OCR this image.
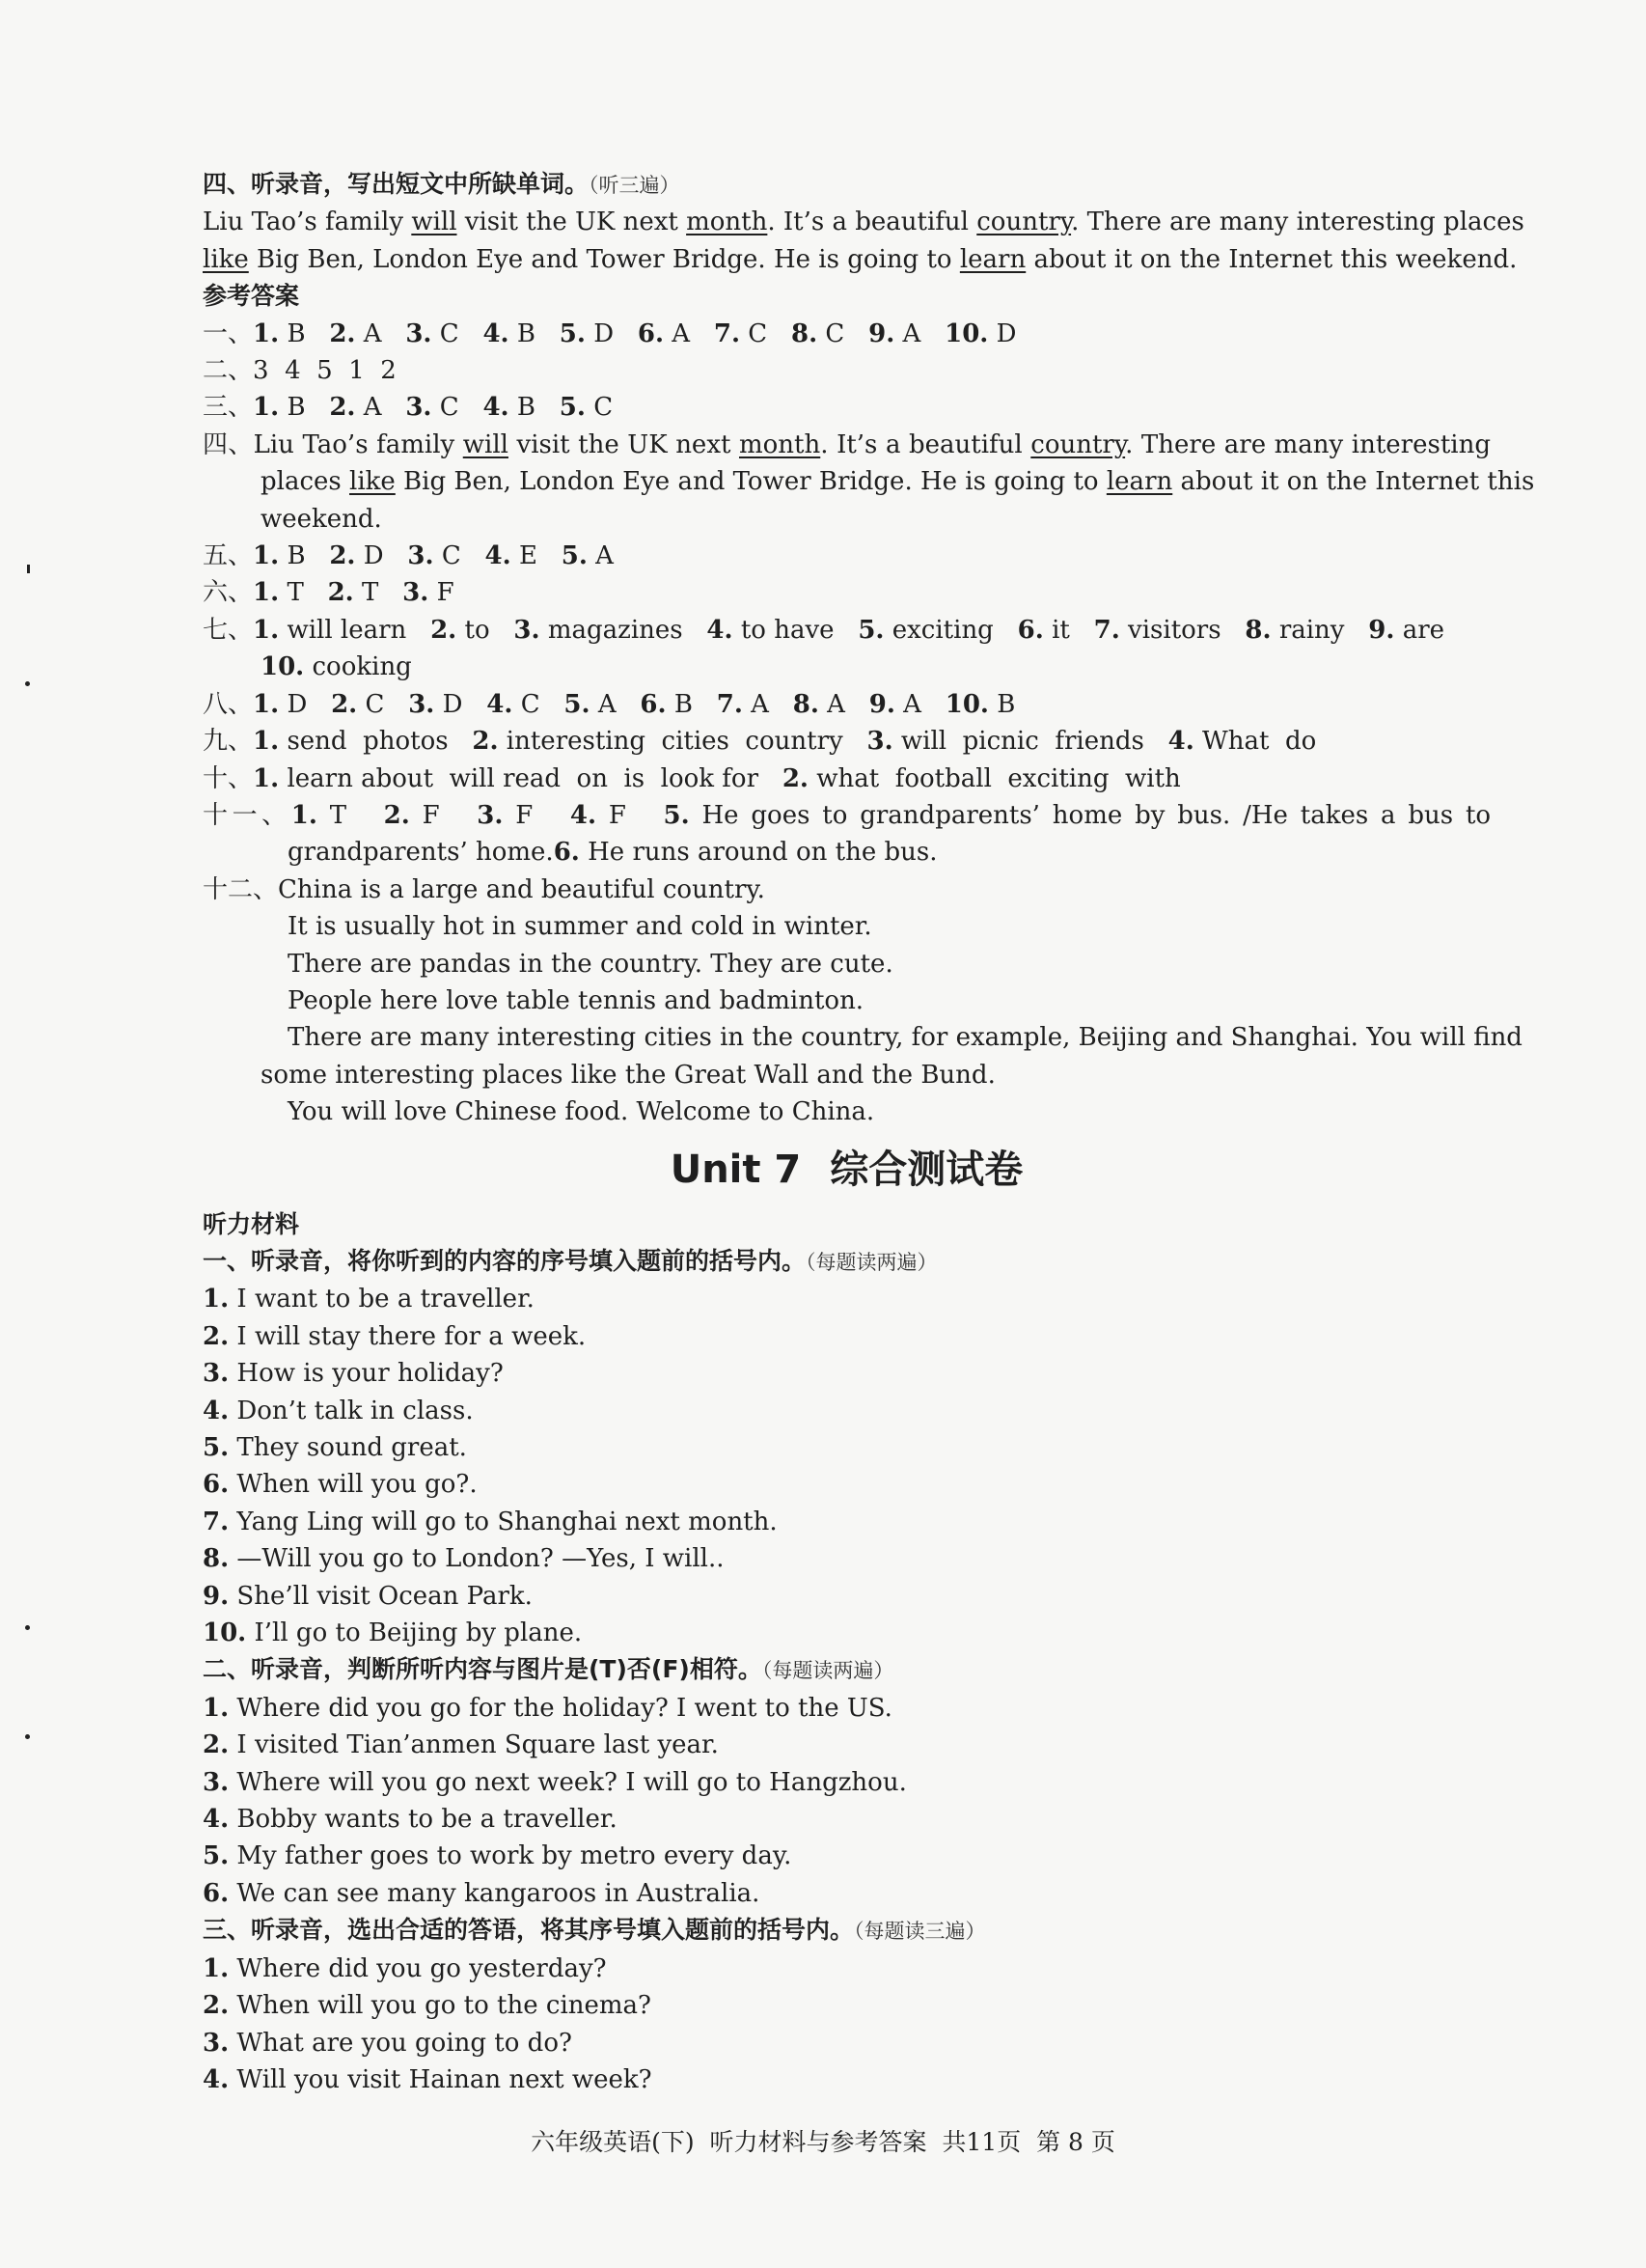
四、听录音，写出短文中所缺单词。（听三遍）
Liu Tao’s family will visit the UK next month. It’s a beautiful country. There are many interesting places
like Big Ben, London Eye and Tower Bridge. He is going to learn about it on the Internet this weekend.
参考答案
一、1. B 2. A 3. C 4. B 5. D 6. A 7. C 8. C 9. A 10. D
二、3  4  5  1  2
三、1. B 2. A 3. C 4. B 5. C
四、Liu Tao’s family will visit the UK next month. It’s a beautiful country. There are many interesting
places like Big Ben, London Eye and Tower Bridge. He is going to learn about it on the Internet this
weekend.
五、1. B 2. D 3. C 4. E 5. A
六、1. T 2. T 3. F
七、1. will learn 2. to 3. magazines 4. to have 5. exciting 6. it 7. visitors 8. rainy 9. are
10. cooking
八、1. D 2. C 3. D 4. C 5. A 6. B 7. A 8. A 9. A 10. B
九、1. send  photos 2. interesting  cities  country 3. will  picnic  friends 4. What  do
十、1. learn about  will read  on  is  look for 2. what  football  exciting  with
十一、1. T 2. F 3. F 4. F 5. He goes to grandparents’ home by bus. /He takes a bus to
grandparents’ home.6. He runs around on the bus.
十二、China is a large and beautiful country.
It is usually hot in summer and cold in winter.
There are pandas in the country. They are cute.
People here love table tennis and badminton.
There are many interesting cities in the country, for example, Beijing and Shanghai. You will find
some interesting places like the Great Wall and the Bund.
You will love Chinese food. Welcome to China.
Unit 7 综合测试卷
听力材料
一、听录音，将你听到的内容的序号填入题前的括号内。（每题读两遍）
1. I want to be a traveller.
2. I will stay there for a week.
3. How is your holiday?
4. Don’t talk in class.
5. They sound great.
6. When will you go?.
7. Yang Ling will go to Shanghai next month.
8. —Will you go to London? —Yes, I will..
9. She’ll visit Ocean Park.
10. I’ll go to Beijing by plane.
二、听录音，判断所听内容与图片是(T)否(F)相符。（每题读两遍）
1. Where did you go for the holiday? I went to the US.
2. I visited Tian’anmen Square last year.
3. Where will you go next week? I will go to Hangzhou.
4. Bobby wants to be a traveller.
5. My father goes to work by metro every day.
6. We can see many kangaroos in Australia.
三、听录音，选出合适的答语，将其序号填入题前的括号内。（每题读三遍）
1. Where did you go yesterday?
2. When will you go to the cinema?
3. What are you going to do?
4. Will you visit Hainan next week?
六年级英语(下)  听力材料与参考答案  共11页  第 8 页
